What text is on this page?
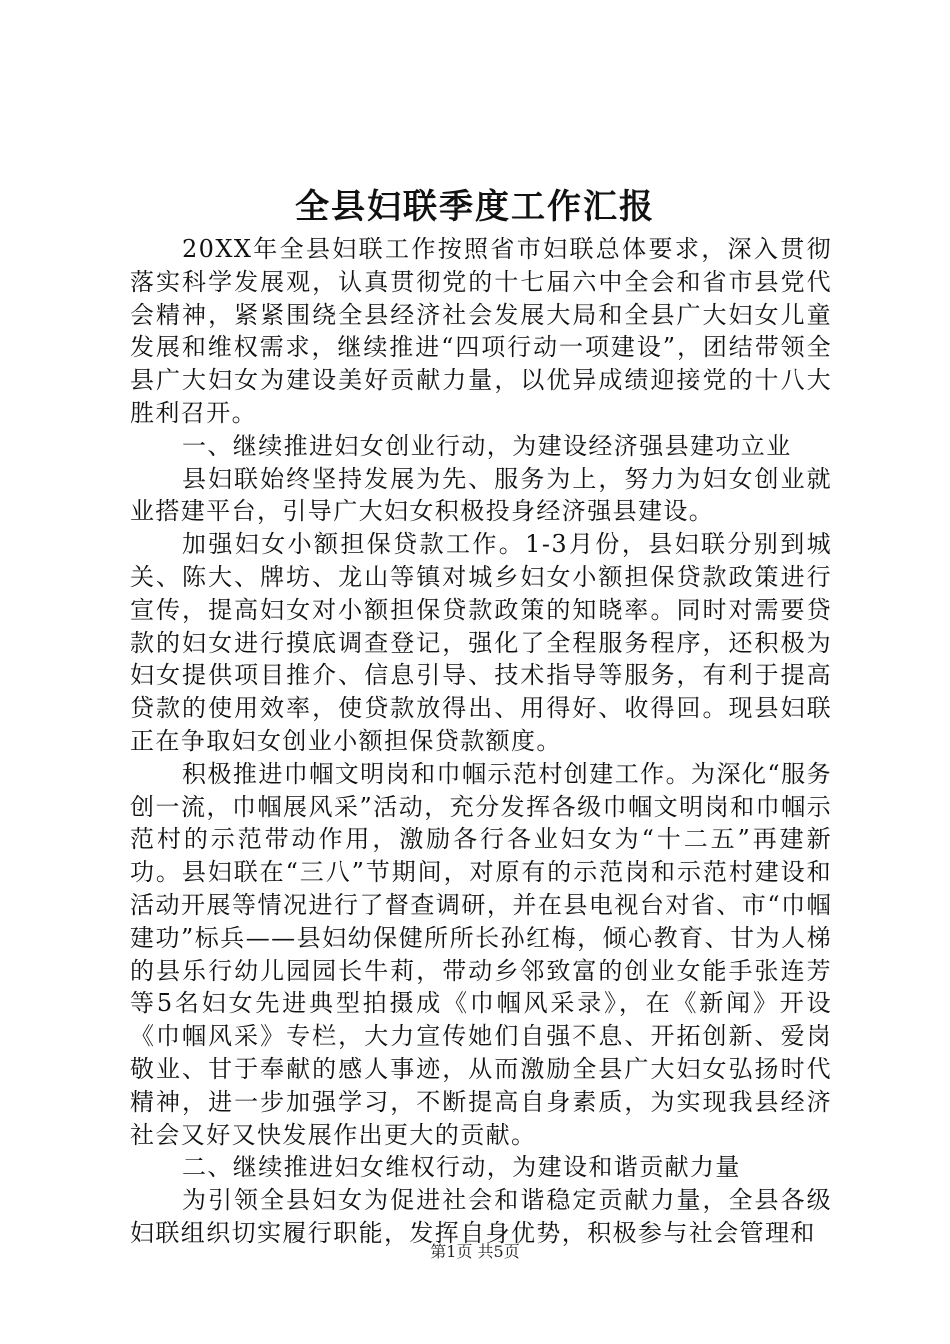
全县妇联季度工作汇报

20XX年全县妇联工作按照省市妇联总体要求，深入贯彻落实科学发展观，认真贯彻党的十七届六中全会和省市县党代会精神，紧紧围绕全县经济社会发展大局和全县广大妇女儿童发展和维权需求，继续推进“四项行动一项建设”，团结带领全县广大妇女为建设美好贡献力量，以优异成绩迎接党的十八大胜利召开。

一、继续推进妇女创业行动，为建设经济强县建功立业

县妇联始终坚持发展为先、服务为上，努力为妇女创业就业搭建平台，引导广大妇女积极投身经济强县建设。

加强妇女小额担保贷款工作。1-3月份，县妇联分别到城关、陈大、牌坊、龙山等镇对城乡妇女小额担保贷款政策进行宣传，提高妇女对小额担保贷款政策的知晓率。同时对需要贷款的妇女进行摸底调查登记，强化了全程服务程序，还积极为妇女提供项目推介、信息引导、技术指导等服务，有利于提高贷款的使用效率，使贷款放得出、用得好、收得回。现县妇联正在争取妇女创业小额担保贷款额度。

积极推进巾帼文明岗和巾帼示范村创建工作。为深化“服务创一流，巾帼展风采”活动，充分发挥各级巾帼文明岗和巾帼示范村的示范带动作用，激励各行各业妇女为“十二五”再建新功。县妇联在“三八”节期间，对原有的示范岗和示范村建设和活动开展等情况进行了督查调研，并在县电视台对省、市“巾帼建功”标兵——县妇幼保健所所长孙红梅，倾心教育、甘为人梯的县乐行幼儿园园长牛莉，带动乡邻致富的创业女能手张连芳等5名妇女先进典型拍摄成《巾帼风采录》，在《新闻》开设《巾帼风采》专栏，大力宣传她们自强不息、开拓创新、爱岗敬业、甘于奉献的感人事迹，从而激励全县广大妇女弘扬时代精神，进一步加强学习，不断提高自身素质，为实现我县经济社会又好又快发展作出更大的贡献。

二、继续推进妇女维权行动，为建设和谐贡献力量

为引领全县妇女为促进社会和谐稳定贡献力量，全县各级妇联组织切实履行职能，发挥自身优势，积极参与社会管理和

第1页 共5页
